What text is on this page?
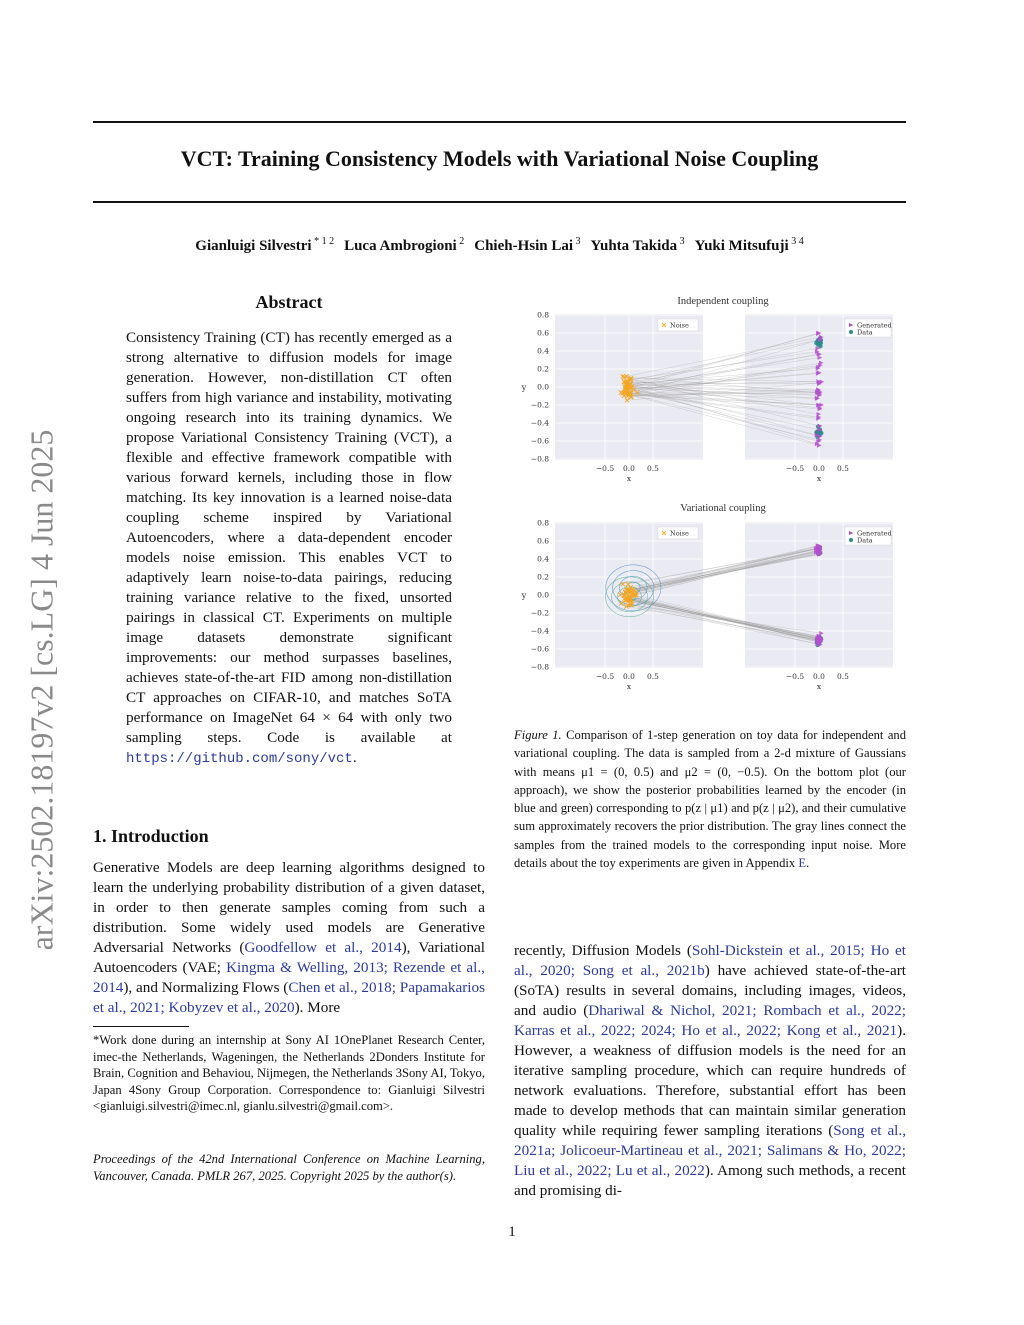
VCT: Training Consistency Models with Variational Noise Coupling
Gianluigi Silvestri $^{* 1 2}$ Luca Ambrogioni $^2$ Chieh-Hsin Lai $^3$ Yuhta Takida $^3$ Yuki Mitsufuji $^{3 4}$
arXiv:2502.18197v2 [cs.LG] 4 Jun 2025
Abstract
Consistency Training (CT) has recently emerged as a strong alternative to diffusion models for image generation. However, non-distillation CT often suffers from high variance and instability, motivating ongoing research into its training dynamics. We propose Variational Consistency Training (VCT), a flexible and effective framework compatible with various forward kernels, including those in flow matching. Its key innovation is a learned noise-data coupling scheme inspired by Variational Autoencoders, where a data-dependent encoder models noise emission. This enables VCT to adaptively learn noise-to-data pairings, reducing training variance relative to the fixed, unsorted pairings in classical CT. Experiments on multiple image datasets demonstrate significant improvements: our method surpasses baselines, achieves state-of-the-art FID among non-distillation CT approaches on CIFAR-10, and matches SoTA performance on ImageNet 64 × 64 with only two sampling steps. Code is available at https://github.com/sony/vct.
1. Introduction
Generative Models are deep learning algorithms designed to learn the underlying probability distribution of a given dataset, in order to then generate samples coming from such a distribution. Some widely used models are Generative Adversarial Networks (Goodfellow et al., 2014), Variational Autoencoders (VAE; Kingma & Welling, 2013; Rezende et al., 2014), and Normalizing Flows (Chen et al., 2018; Papamakarios et al., 2021; Kobyzev et al., 2020). More
*Work done during an internship at Sony AI 1OnePlanet Research Center, imec-the Netherlands, Wageningen, the Netherlands 2Donders Institute for Brain, Cognition and Behaviou, Nijmegen, the Netherlands 3Sony AI, Tokyo, Japan 4Sony Group Corporation. Correspondence to: Gianluigi Silvestri <gianluigi.silvestri@imec.nl, gianlu.silvestri@gmail.com>.
Proceedings of the 42nd International Conference on Machine Learning, Vancouver, Canada. PMLR 267, 2025. Copyright 2025 by the author(s).
Independent coupling
Variational coupling
0.8
0.6
0.4
0.2
0.0
−0.2
−0.4
−0.6
−0.8
−0.5	−0.5
0.0	0.0
0.5	0.5
x	x
y
Noise	Generated
Data
0.8
0.6
0.4
0.2
0.0
−0.2
−0.4
−0.6
−0.8
−0.5	−0.5
0.0	0.0
0.5	0.5
x	x
y
Noise	Generated
Data
Figure 1. Comparison of 1-step generation on toy data for independent and variational coupling. The data is sampled from a 2-d mixture of Gaussians with means μ1 = (0, 0.5) and μ2 = (0, −0.5). On the bottom plot (our approach), we show the posterior probabilities learned by the encoder (in blue and green) corresponding to p(z | μ1) and p(z | μ2), and their cumulative sum approximately recovers the prior distribution. The gray lines connect the samples from the trained models to the corresponding input noise. More details about the toy experiments are given in Appendix E.
recently, Diffusion Models (Sohl-Dickstein et al., 2015; Ho et al., 2020; Song et al., 2021b) have achieved state-of-the-art (SoTA) results in several domains, including images, videos, and audio (Dhariwal & Nichol, 2021; Rombach et al., 2022; Karras et al., 2022; 2024; Ho et al., 2022; Kong et al., 2021). However, a weakness of diffusion models is the need for an iterative sampling procedure, which can require hundreds of network evaluations. Therefore, substantial effort has been made to develop methods that can maintain similar generation quality while requiring fewer sampling iterations (Song et al., 2021a; Jolicoeur-Martineau et al., 2021; Salimans & Ho, 2022; Liu et al., 2022; Lu et al., 2022). Among such methods, a recent and promising di-
1
